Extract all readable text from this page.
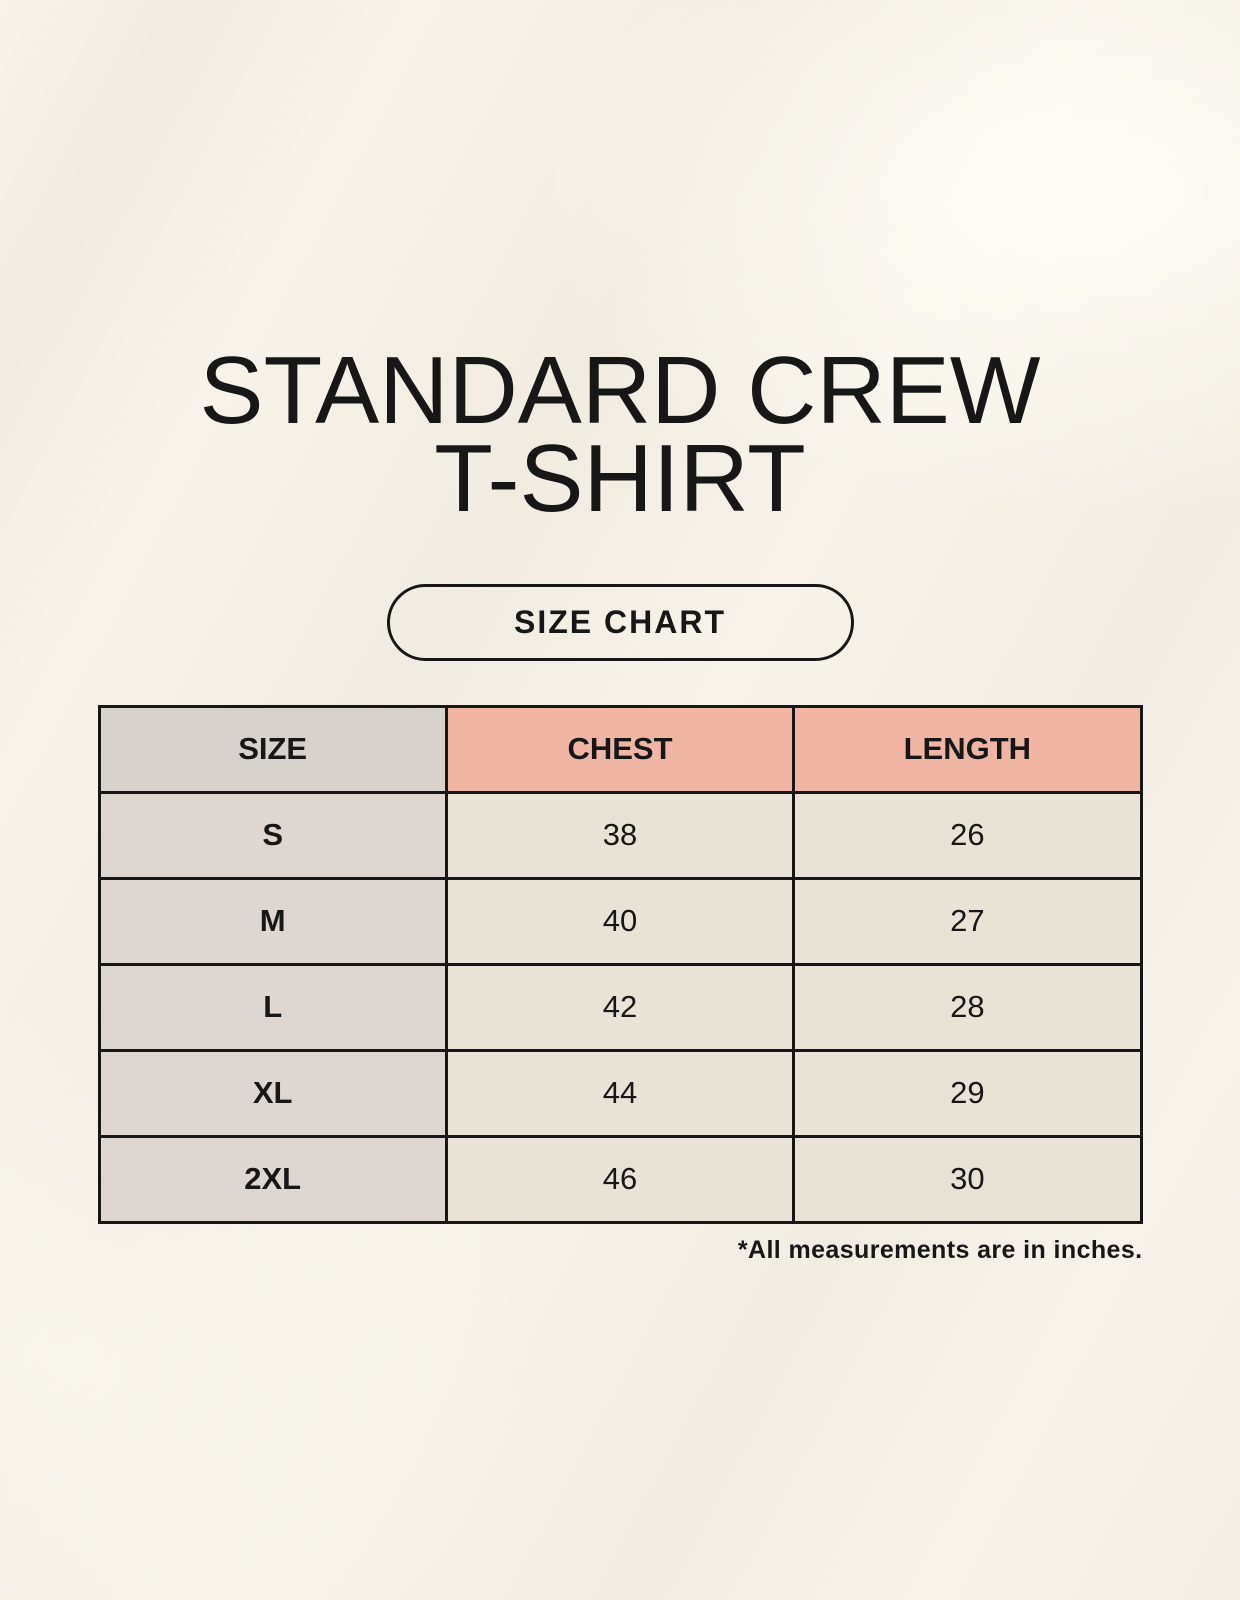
STANDARD CREW
T-SHIRT
SIZE CHART
SIZE	CHEST	LENGTH
S	38	26
M	40	27
L	42	28
XL	44	29
2XL	46	30

*All measurements are in inches.
